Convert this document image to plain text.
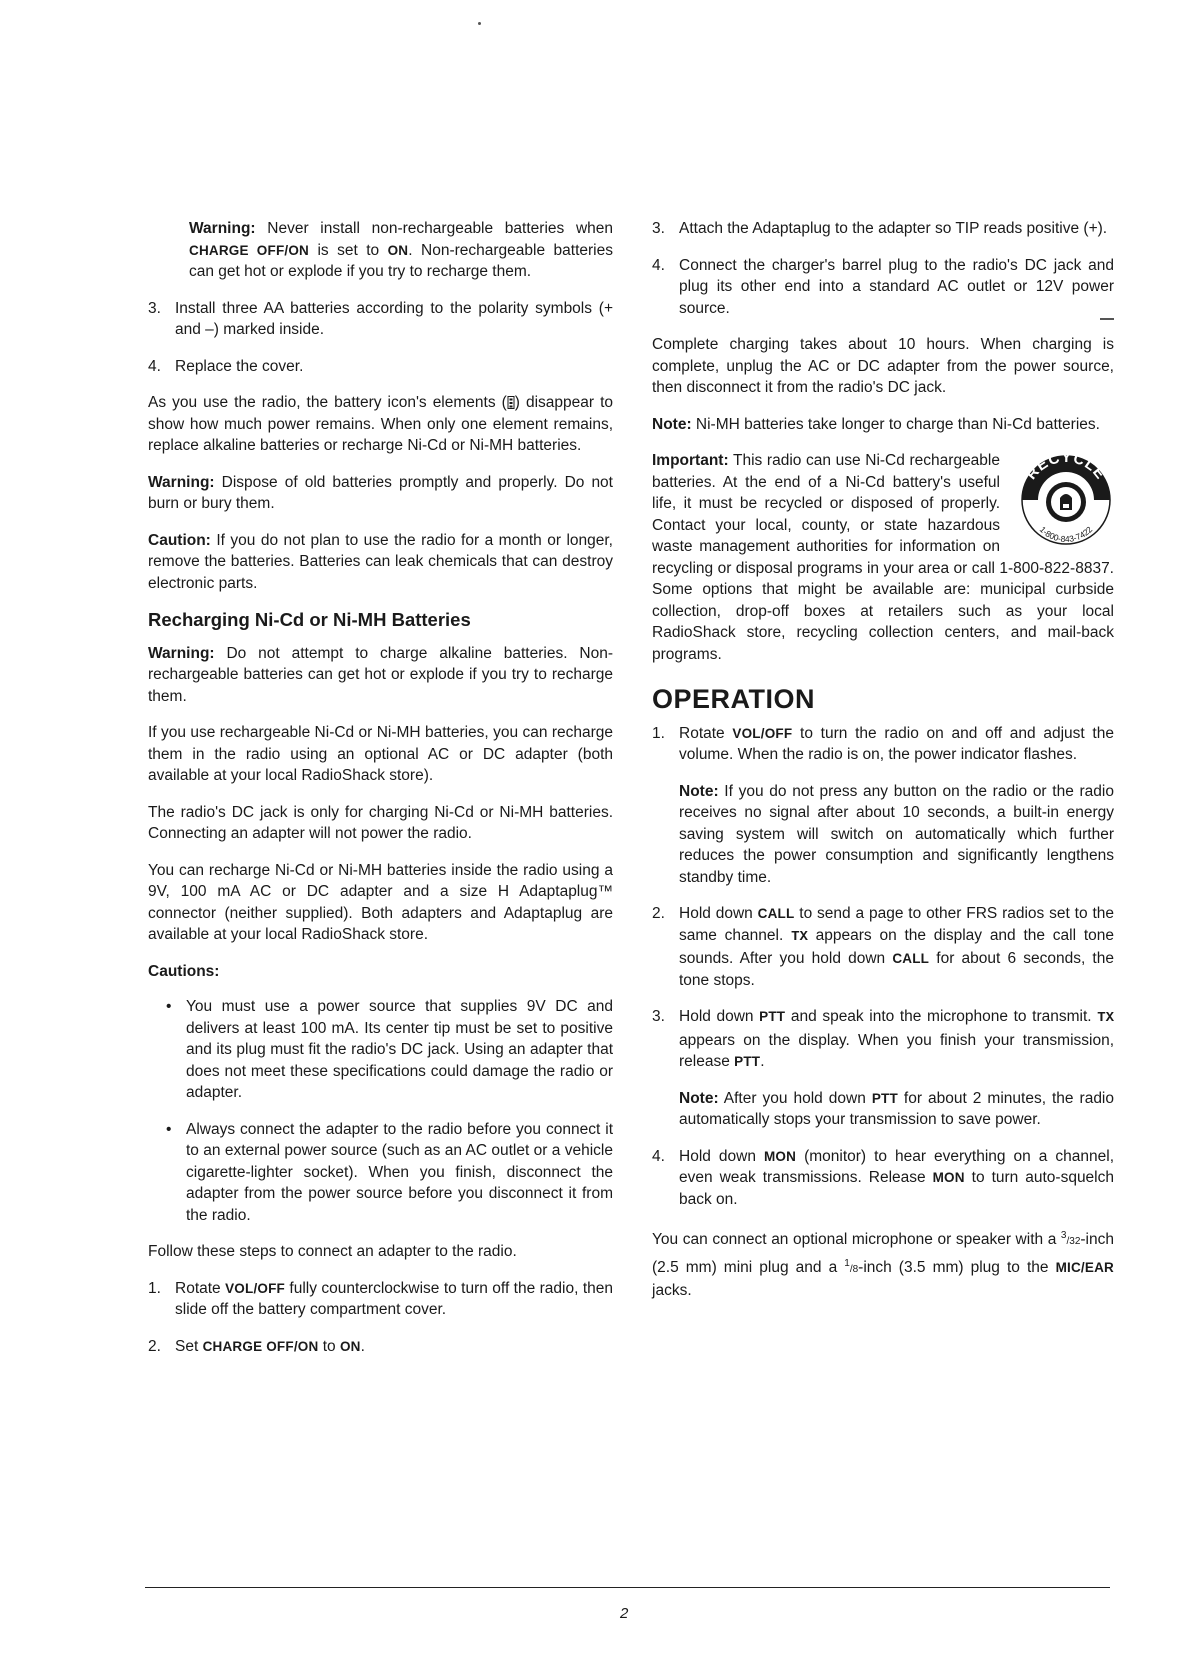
Warning: Never install non-rechargeable batteries when CHARGE OFF/ON is set to ON. Non-rechargeable batteries can get hot or explode if you try to recharge them.

3. Install three AA batteries according to the polarity symbols (+ and –) marked inside.
4. Replace the cover.

As you use the radio, the battery icon's elements ( ) disappear to show how much power remains. When only one element remains, replace alkaline batteries or recharge Ni-Cd or Ni-MH batteries.

Warning: Dispose of old batteries promptly and properly. Do not burn or bury them.

Caution: If you do not plan to use the radio for a month or longer, remove the batteries. Batteries can leak chemicals that can destroy electronic parts.

Recharging Ni-Cd or Ni-MH Batteries

Warning: Do not attempt to charge alkaline batteries. Non-rechargeable batteries can get hot or explode if you try to recharge them.

If you use rechargeable Ni-Cd or Ni-MH batteries, you can recharge them in the radio using an optional AC or DC adapter (both available at your local RadioShack store).

The radio's DC jack is only for charging Ni-Cd or Ni-MH batteries. Connecting an adapter will not power the radio.

You can recharge Ni-Cd or Ni-MH batteries inside the radio using a 9V, 100 mA AC or DC adapter and a size H Adaptaplug™ connector (neither supplied). Both adapters and Adaptaplug are available at your local RadioShack store.

Cautions:
• You must use a power source that supplies 9V DC and delivers at least 100 mA. Its center tip must be set to positive and its plug must fit the radio's DC jack. Using an adapter that does not meet these specifications could damage the radio or adapter.
• Always connect the adapter to the radio before you connect it to an external power source (such as an AC outlet or a vehicle cigarette-lighter socket). When you finish, disconnect the adapter from the power source before you disconnect it from the radio.

Follow these steps to connect an adapter to the radio.

1. Rotate VOL/OFF fully counterclockwise to turn off the radio, then slide off the battery compartment cover.
2. Set CHARGE OFF/ON to ON.
3. Attach the Adaptaplug to the adapter so TIP reads positive (+).
4. Connect the charger's barrel plug to the radio's DC jack and plug its other end into a standard AC outlet or 12V power source.

Complete charging takes about 10 hours. When charging is complete, unplug the AC or DC adapter from the power source, then disconnect it from the radio's DC jack.

Note: Ni-MH batteries take longer to charge than Ni-Cd batteries.

RECYCLE
1-800-843-7422
Important: This radio can use Ni-Cd rechargeable batteries. At the end of a Ni-Cd battery's useful life, it must be recycled or disposed of properly. Contact your local, county, or state hazardous waste management authorities for information on recycling or disposal programs in your area or call 1-800-822-8837. Some options that might be available are: municipal curbside collection, drop-off boxes at retailers such as your local RadioShack store, recycling collection centers, and mail-back programs.

OPERATION
1. Rotate VOL/OFF to turn the radio on and off and adjust the volume. When the radio is on, the power indicator flashes.

Note: If you do not press any button on the radio or the radio receives no signal after about 10 seconds, a built-in energy saving system will switch on automatically which further reduces the power consumption and significantly lengthens standby time.

2. Hold down CALL to send a page to other FRS radios set to the same channel. TX appears on the display and the call tone sounds. After you hold down CALL for about 6 seconds, the tone stops.
3. Hold down PTT and speak into the microphone to transmit. TX appears on the display. When you finish your transmission, release PTT.

Note: After you hold down PTT for about 2 minutes, the radio automatically stops your transmission to save power.

4. Hold down MON (monitor) to hear everything on a channel, even weak transmissions. Release MON to turn auto-squelch back on.

You can connect an optional microphone or speaker with a $^3$/32-inch (2.5 mm) mini plug and a $^1$/8-inch (3.5 mm) plug to the MIC/EAR jacks.

2
